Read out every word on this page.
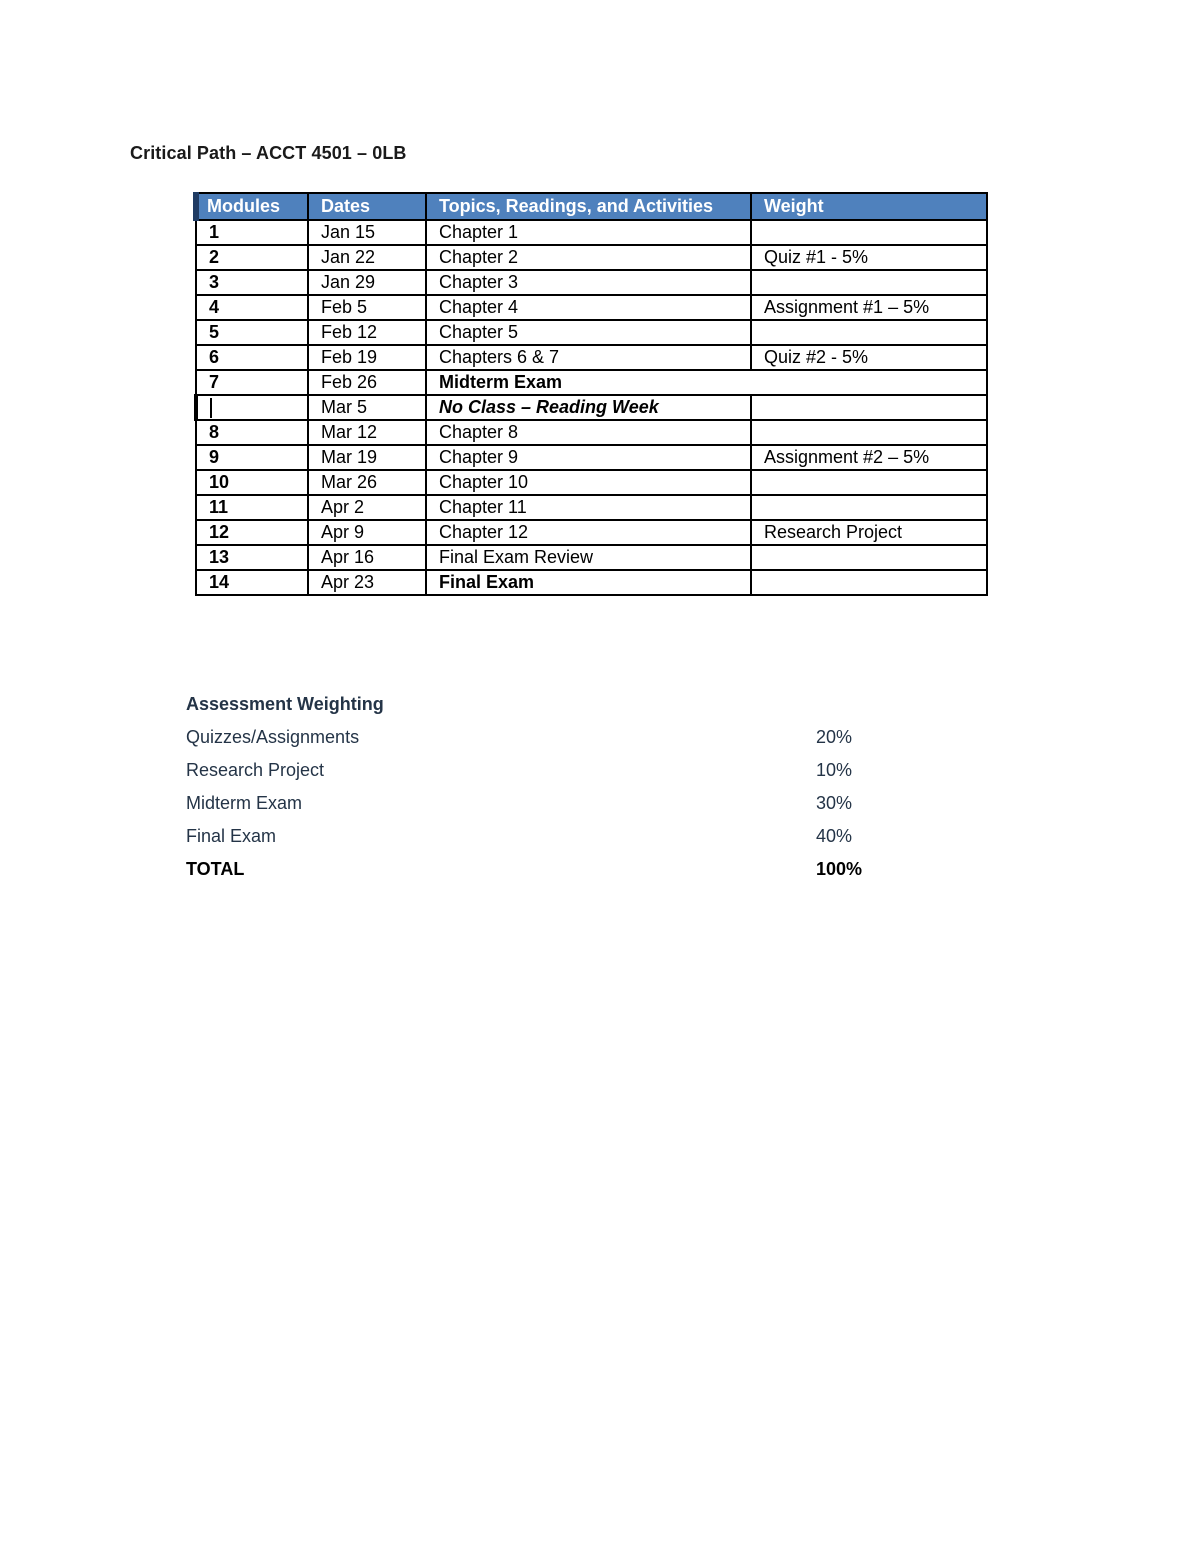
Critical Path – ACCT 4501 – 0LB
Modules	Dates	Topics, Readings, and Activities	Weight
1	Jan 15	Chapter 1	
2	Jan 22	Chapter 2	Quiz #1 - 5%
3	Jan 29	Chapter 3	
4	Feb 5	Chapter 4	Assignment #1 – 5%
5	Feb 12	Chapter 5	
6	Feb 19	Chapters 6 & 7	Quiz #2 - 5%
7	Feb 26	Midterm Exam	
	Mar 5	No Class – Reading Week	
8	Mar 12	Chapter 8	
9	Mar 19	Chapter 9	Assignment #2 – 5%
10	Mar 26	Chapter 10	
11	Apr 2	Chapter 11	
12	Apr 9	Chapter 12	Research Project
13	Apr 16	Final Exam Review	
14	Apr 23	Final Exam	
Assessment Weighting
Quizzes/Assignments	20%
Research Project	10%
Midterm Exam	30%
Final Exam	40%
TOTAL	100%
